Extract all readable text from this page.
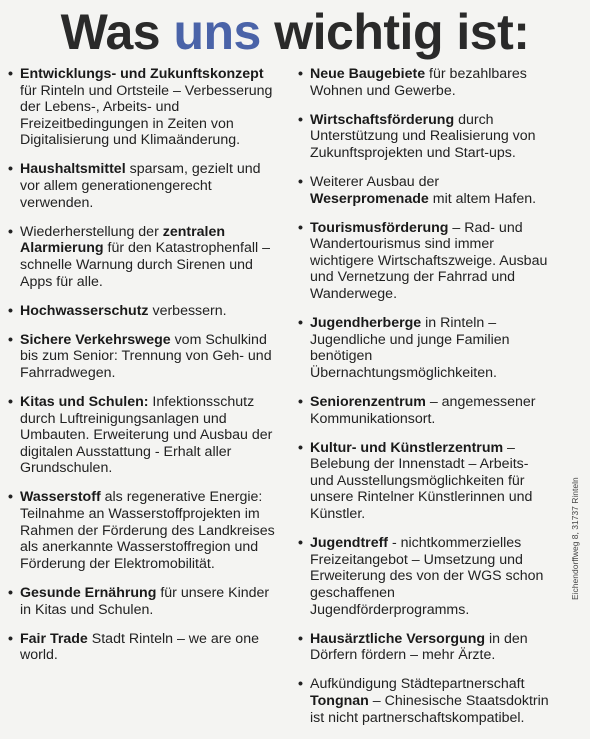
Was uns wichtig ist:
• Entwicklungs- und Zukunftskonzept
für Rinteln und Ortsteile – Verbesserung der Lebens-, Arbeits- und Freizeitbedingungen in Zeiten von Digitalisierung und Klimaänderung.
• Haushaltsmittel sparsam, gezielt und vor allem generationengerecht verwenden.
• Wiederherstellung der zentralen Alarmierung für den Katastrophenfall – schnelle Warnung durch Sirenen und Apps für alle.
• Hochwasserschutz verbessern.
• Sichere Verkehrswege vom Schulkind bis zum Senior: Trennung von Geh- und Fahrradwegen.
• Kitas und Schulen: Infektionsschutz durch Luftreinigungsanlagen und Umbauten. Erweiterung und Ausbau der digitalen Ausstattung - Erhalt aller Grundschulen.
• Wasserstoff als regenerative Energie: Teilnahme an Wasserstoffprojekten im Rahmen der Förderung des Landkreises als anerkannte Wasserstoffregion und Förderung der Elektromobilität.
• Gesunde Ernährung für unsere Kinder in Kitas und Schulen.
• Fair Trade Stadt Rinteln – we are one world.
• Neue Baugebiete für bezahlbares Wohnen und Gewerbe.
• Wirtschaftsförderung durch Unterstützung und Realisierung von Zukunftsprojekten und Start-ups.
• Weiterer Ausbau der Weserpromenade mit altem Hafen.
• Tourismusförderung – Rad- und Wandertourismus sind immer wichtigere Wirtschaftszweige. Ausbau und Vernetzung der Fahrrad und Wanderwege.
• Jugendherberge in Rinteln – Jugendliche und junge Familien benötigen Übernachtungsmöglichkeiten.
• Seniorenzentrum – angemessener Kommunikationsort.
• Kultur- und Künstlerzentrum – Belebung der Innenstadt – Arbeits- und Ausstellungsmöglichkeiten für unsere Rintelner Künstlerinnen und Künstler.
• Jugendtreff - nichtkommerzielles Freizeitangebot – Umsetzung und Erweiterung des von der WGS schon geschaffenen Jugendförderprogramms.
• Hausärztliche Versorgung in den Dörfern fördern – mehr Ärzte.
• Aufkündigung Städtepartnerschaft Tongnan – Chinesische Staatsdoktrin ist nicht partnerschaftskompatibel.
Eichendorffweg 8, 31737 Rinteln
